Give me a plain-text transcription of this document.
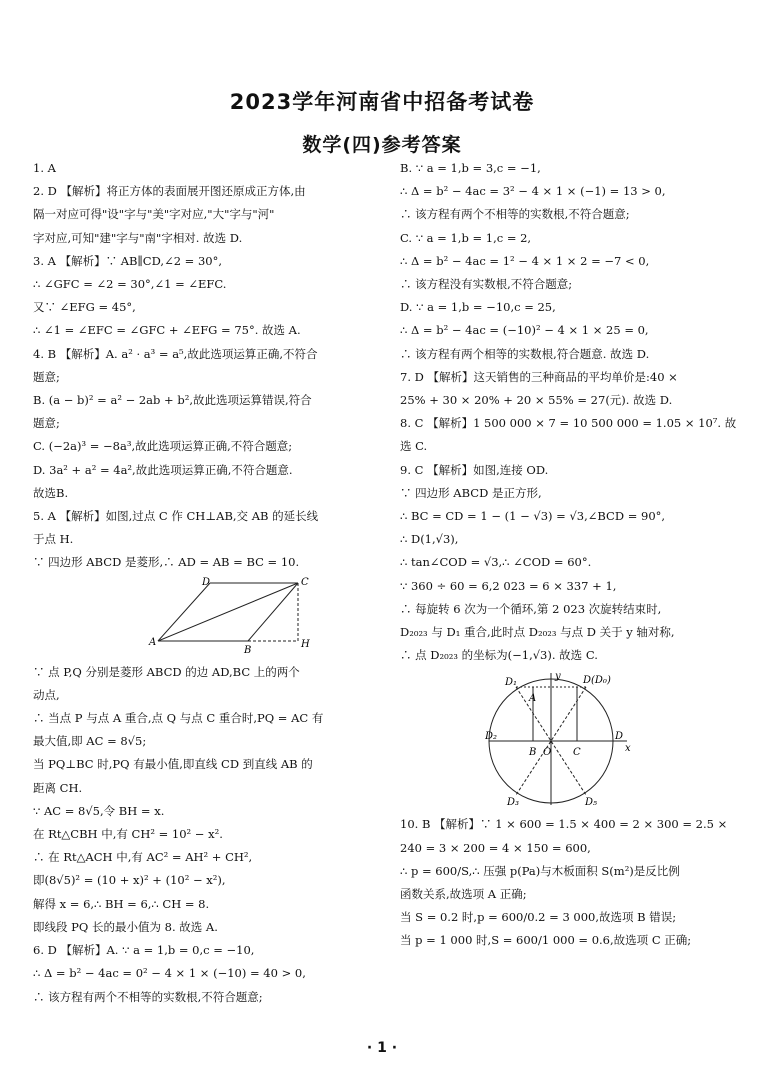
2023学年河南省中招备考试卷
数学(四)参考答案
1. A
2. D 【解析】将正方体的表面展开图还原成正方体,由
隔一对应可得"设"字与"美"字对应,"大"字与"河"
字对应,可知"建"字与"南"字相对. 故选 D.
3. A 【解析】∵ AB∥CD,∠2 = 30°,
∴ ∠GFC = ∠2 = 30°,∠1 = ∠EFC.
又∵ ∠EFG = 45°,
∴ ∠1 = ∠EFC = ∠GFC + ∠EFG = 75°. 故选 A.
4. B 【解析】A. a² · a³ = a⁵,故此选项运算正确,不符合
题意;
B. (a − b)² = a² − 2ab + b²,故此选项运算错误,符合
题意;
C. (−2a)³ = −8a³,故此选项运算正确,不符合题意;
D. 3a² + a² = 4a²,故此选项运算正确,不符合题意.
故选B.
5. A 【解析】如图,过点 C 作 CH⊥AB,交 AB 的延长线
于点 H.
∵ 四边形 ABCD 是菱形,∴ AD = AB = BC = 10.
A
B
C
D
H
∵ 点 P,Q 分别是菱形 ABCD 的边 AD,BC 上的两个
动点,
∴ 当点 P 与点 A 重合,点 Q 与点 C 重合时,PQ = AC 有
最大值,即 AC = 8√5;
当 PQ⊥BC 时,PQ 有最小值,即直线 CD 到直线 AB 的
距离 CH.
∵ AC = 8√5,令 BH = x.
在 Rt△CBH 中,有 CH² = 10² − x².
∴ 在 Rt△ACH 中,有 AC² = AH² + CH²,
即(8√5)² = (10 + x)² + (10² − x²),
解得 x = 6,∴ BH = 6,∴ CH = 8.
即线段 PQ 长的最小值为 8. 故选 A.
6. D 【解析】A. ∵ a = 1,b = 0,c = −10,
∴ Δ = b² − 4ac = 0² − 4 × 1 × (−10) = 40 > 0,
∴ 该方程有两个不相等的实数根,不符合题意;
B. ∵ a = 1,b = 3,c = −1,
∴ Δ = b² − 4ac = 3² − 4 × 1 × (−1) = 13 > 0,
∴ 该方程有两个不相等的实数根,不符合题意;
C. ∵ a = 1,b = 1,c = 2,
∴ Δ = b² − 4ac = 1² − 4 × 1 × 2 = −7 < 0,
∴ 该方程没有实数根,不符合题意;
D. ∵ a = 1,b = −10,c = 25,
∴ Δ = b² − 4ac = (−10)² − 4 × 1 × 25 = 0,
∴ 该方程有两个相等的实数根,符合题意. 故选 D.
7. D 【解析】这天销售的三种商品的平均单价是:40 ×
25% + 30 × 20% + 20 × 55% = 27(元). 故选 D.
8. C 【解析】1 500 000 × 7 = 10 500 000 = 1.05 × 10⁷. 故
选 C.
9. C 【解析】如图,连接 OD.
∵ 四边形 ABCD 是正方形,
∴ BC = CD = 1 − (1 − √3) = √3,∠BCD = 90°,
∴ D(1,√3),
∴ tan∠COD = √3,∴ ∠COD = 60°.
∵ 360 ÷ 60 = 6,2 023 = 6 × 337 + 1,
∴ 每旋转 6 次为一个循环,第 2 023 次旋转结束时,
D₂₀₂₃ 与 D₁ 重合,此时点 D₂₀₂₃ 与点 D 关于 y 轴对称,
∴ 点 D₂₀₂₃ 的坐标为(−1,√3). 故选 C.
y
x
D₁	D(D₀)
A
B	C
O
D₂	D
D₃	D₅
10. B 【解析】∵ 1 × 600 = 1.5 × 400 = 2 × 300 = 2.5 ×
240 = 3 × 200 = 4 × 150 = 600,
∴ p = 600/S,∴ 压强 p(Pa)与木板面积 S(m²)是反比例
函数关系,故选项 A 正确;
当 S = 0.2 时,p = 600/0.2 = 3 000,故选项 B 错误;
当 p = 1 000 时,S = 600/1 000 = 0.6,故选项 C 正确;
· 1 ·
